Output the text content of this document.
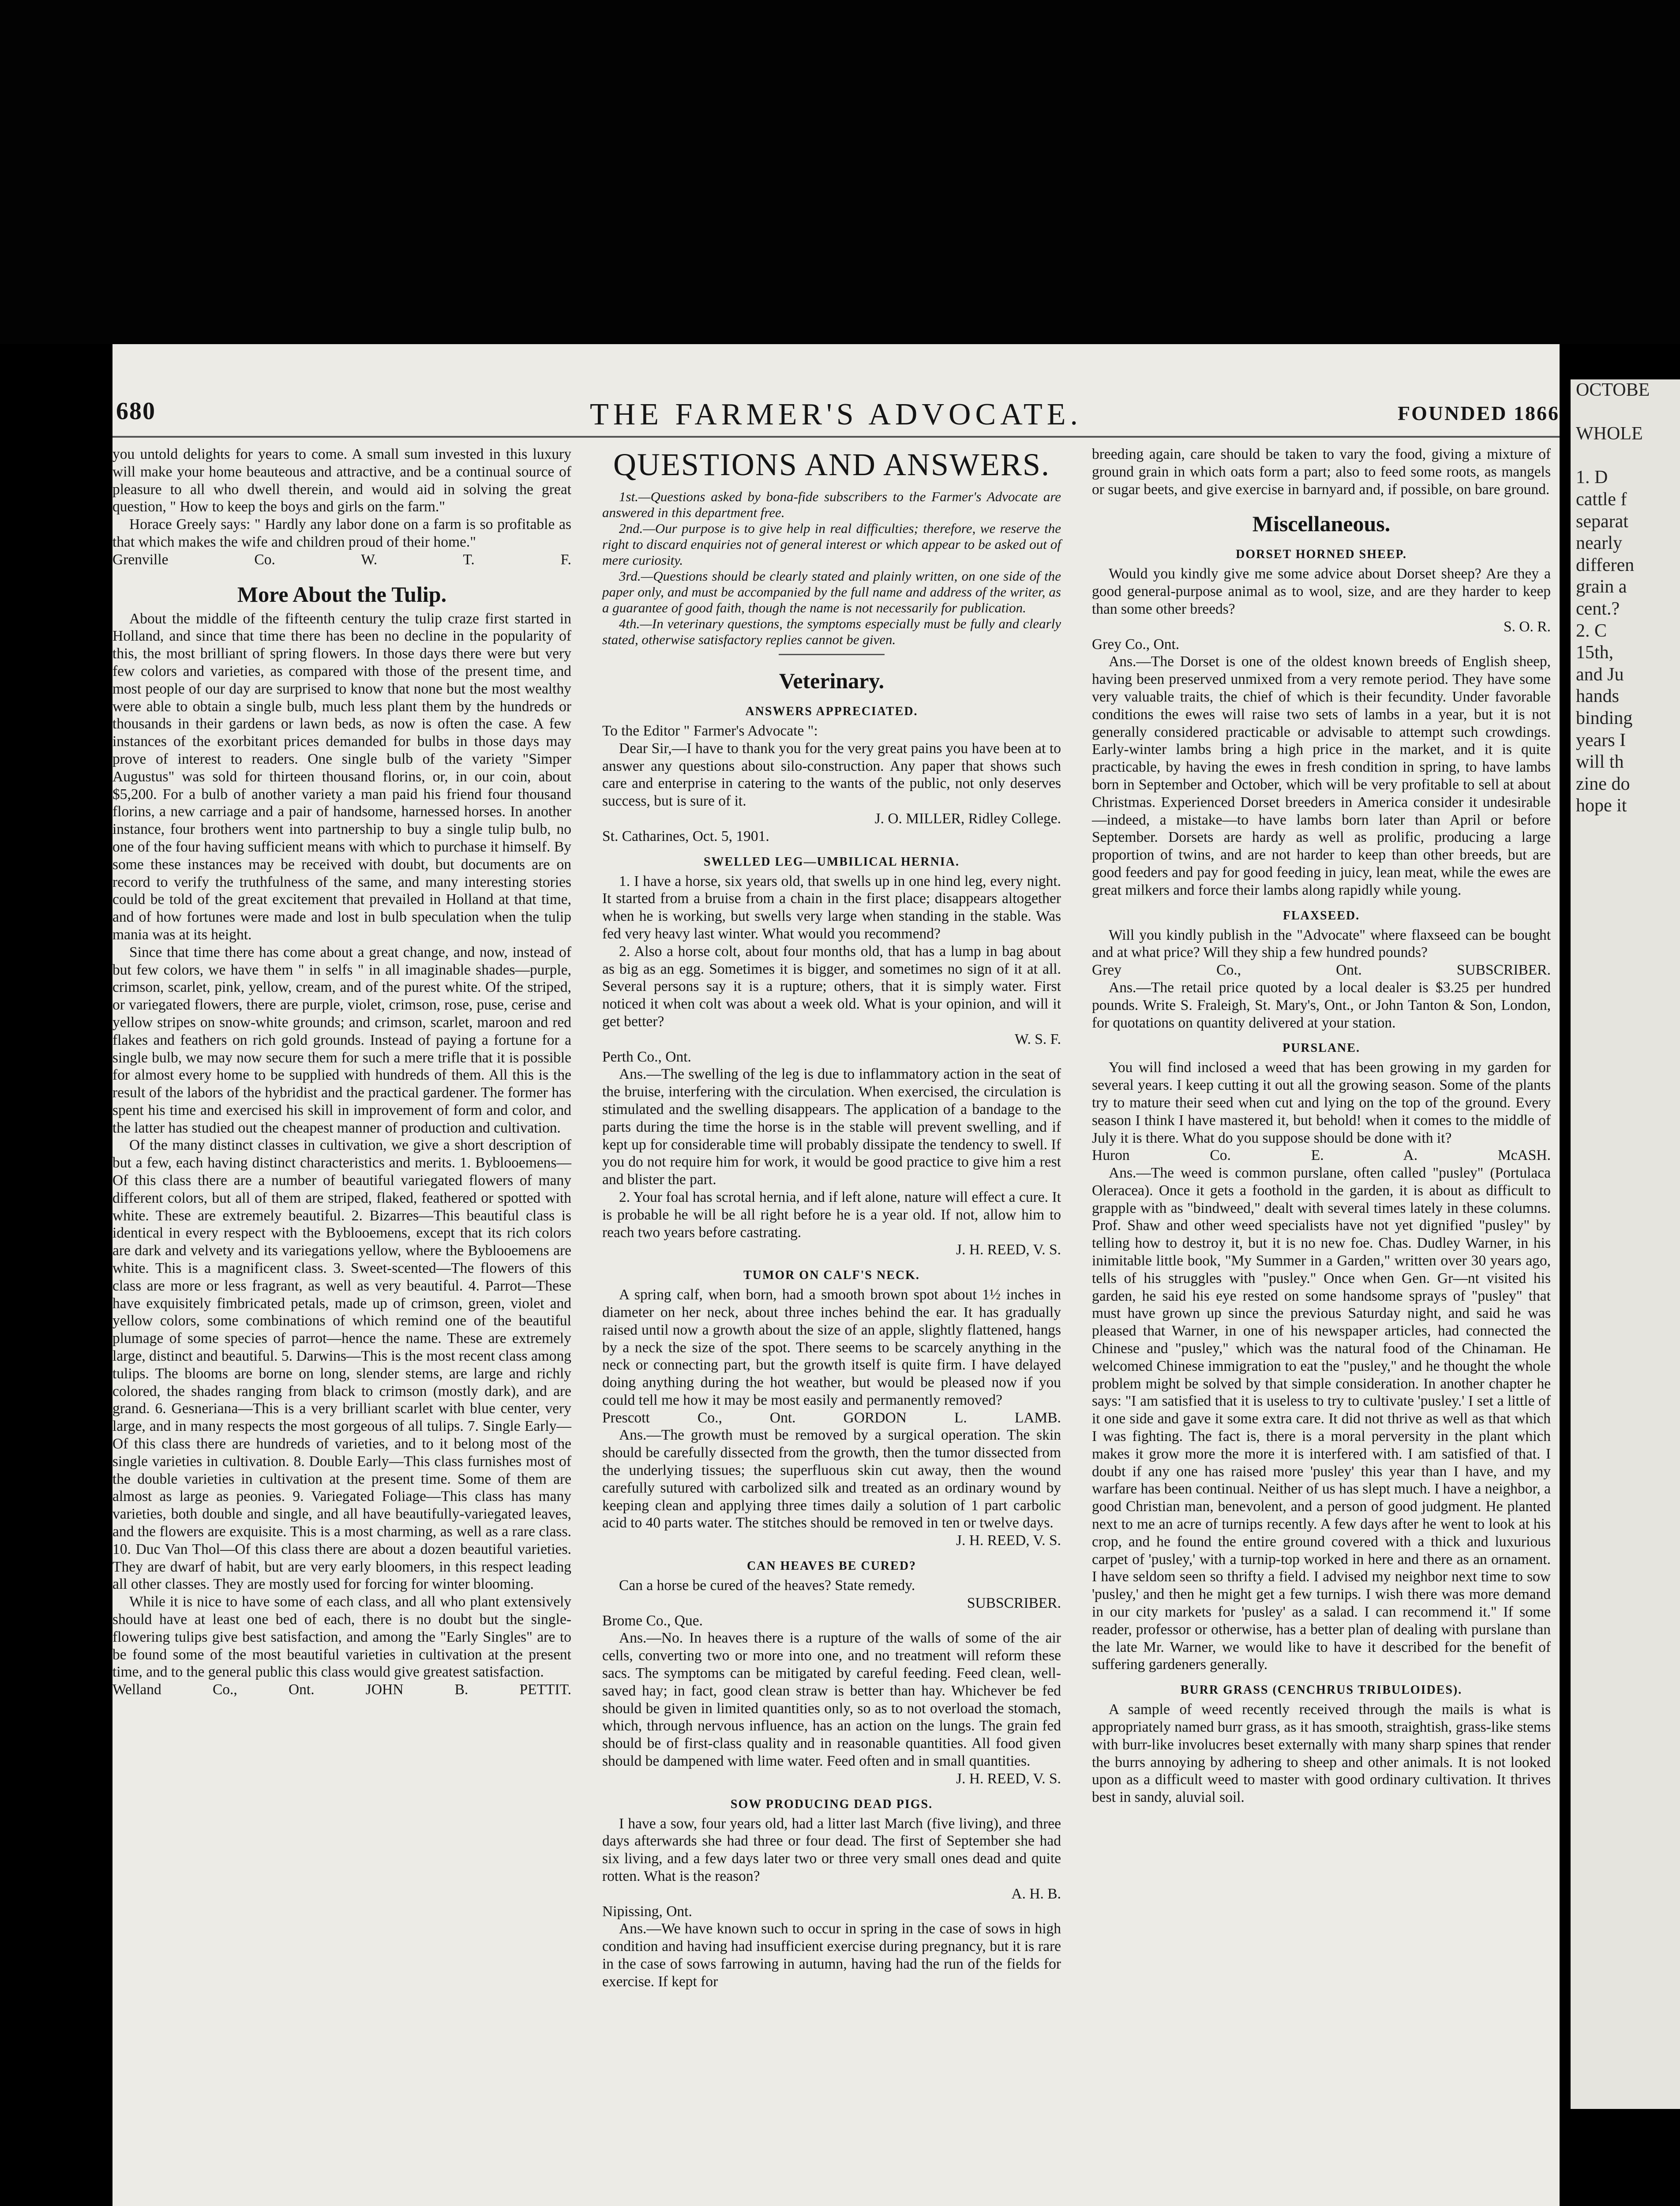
OCTOBE
WHOLE
1. D
cattle f
separat
nearly
differen
grain a
cent.?
2. C
15th,
and Ju
hands
binding
years I
will th
zine do
hope it
680	THE FARMER'S ADVOCATE.	FOUNDED 1866

you untold delights for years to come. A small sum invested in this luxury will make your home beauteous and attractive, and be a continual source of pleasure to all who dwell therein, and would aid in solving the great question, " How to keep the boys and girls on the farm."

Horace Greely says: " Hardly any labor done on a farm is so profitable as that which makes the wife and children proud of their home."

Grenville Co.	W. T. F.

More About the Tulip.

About the middle of the fifteenth century the tulip craze first started in Holland, and since that time there has been no decline in the popularity of this, the most brilliant of spring flowers. In those days there were but very few colors and varieties, as compared with those of the present time, and most people of our day are surprised to know that none but the most wealthy were able to obtain a single bulb, much less plant them by the hundreds or thousands in their gardens or lawn beds, as now is often the case. A few instances of the exorbitant prices demanded for bulbs in those days may prove of interest to readers. One single bulb of the variety "Simper Augustus" was sold for thirteen thousand florins, or, in our coin, about $5,200. For a bulb of another variety a man paid his friend four thousand florins, a new carriage and a pair of handsome, harnessed horses. In another instance, four brothers went into partnership to buy a single tulip bulb, no one of the four having sufficient means with which to purchase it himself. By some these instances may be received with doubt, but documents are on record to verify the truthfulness of the same, and many interesting stories could be told of the great excitement that prevailed in Holland at that time, and of how fortunes were made and lost in bulb speculation when the tulip mania was at its height.

Since that time there has come about a great change, and now, instead of but few colors, we have them " in selfs " in all imaginable shades—purple, crimson, scarlet, pink, yellow, cream, and of the purest white. Of the striped, or variegated flowers, there are purple, violet, crimson, rose, puse, cerise and yellow stripes on snow-white grounds; and crimson, scarlet, maroon and red flakes and feathers on rich gold grounds. Instead of paying a fortune for a single bulb, we may now secure them for such a mere trifle that it is possible for almost every home to be supplied with hundreds of them. All this is the result of the labors of the hybridist and the practical gardener. The former has spent his time and exercised his skill in improvement of form and color, and the latter has studied out the cheapest manner of production and cultivation.

Of the many distinct classes in cultivation, we give a short description of but a few, each having distinct characteristics and merits. 1. Byblooemens—Of this class there are a number of beautiful variegated flowers of many different colors, but all of them are striped, flaked, feathered or spotted with white. These are extremely beautiful. 2. Bizarres—This beautiful class is identical in every respect with the Byblooemens, except that its rich colors are dark and velvety and its variegations yellow, where the Byblooemens are white. This is a magnificent class. 3. Sweet-scented—The flowers of this class are more or less fragrant, as well as very beautiful. 4. Parrot—These have exquisitely fimbricated petals, made up of crimson, green, violet and yellow colors, some combinations of which remind one of the beautiful plumage of some species of parrot—hence the name. These are extremely large, distinct and beautiful. 5. Darwins—This is the most recent class among tulips. The blooms are borne on long, slender stems, are large and richly colored, the shades ranging from black to crimson (mostly dark), and are grand. 6. Gesneriana—This is a very brilliant scarlet with blue center, very large, and in many respects the most gorgeous of all tulips. 7. Single Early—Of this class there are hundreds of varieties, and to it belong most of the single varieties in cultivation. 8. Double Early—This class furnishes most of the double varieties in cultivation at the present time. Some of them are almost as large as peonies. 9. Variegated Foliage—This class has many varieties, both double and single, and all have beautifully-variegated leaves, and the flowers are exquisite. This is a most charming, as well as a rare class. 10. Duc Van Thol—Of this class there are about a dozen beautiful varieties. They are dwarf of habit, but are very early bloomers, in this respect leading all other classes. They are mostly used for forcing for winter blooming.

While it is nice to have some of each class, and all who plant extensively should have at least one bed of each, there is no doubt but the single-flowering tulips give best satisfaction, and among the "Early Singles" are to be found some of the most beautiful varieties in cultivation at the present time, and to the general public this class would give greatest satisfaction.

Welland Co., Ont.	JOHN B. PETTIT.

QUESTIONS AND ANSWERS.

1st.—Questions asked by bona-fide subscribers to the Farmer's Advocate are answered in this department free.

2nd.—Our purpose is to give help in real difficulties; therefore, we reserve the right to discard enquiries not of general interest or which appear to be asked out of mere curiosity.

3rd.—Questions should be clearly stated and plainly written, on one side of the paper only, and must be accompanied by the full name and address of the writer, as a guarantee of good faith, though the name is not necessarily for publication.

4th.—In veterinary questions, the symptoms especially must be fully and clearly stated, otherwise satisfactory replies cannot be given.

Veterinary.
ANSWERS APPRECIATED.

To the Editor " Farmer's Advocate ":

Dear Sir,—I have to thank you for the very great pains you have been at to answer any questions about silo-construction. Any paper that shows such care and enterprise in catering to the wants of the public, not only deserves success, but is sure of it.

J. O. MILLER, Ridley College.

St. Catharines, Oct. 5, 1901.

SWELLED LEG—UMBILICAL HERNIA.

1. I have a horse, six years old, that swells up in one hind leg, every night. It started from a bruise from a chain in the first place; disappears altogether when he is working, but swells very large when standing in the stable. Was fed very heavy last winter. What would you recommend?

2. Also a horse colt, about four months old, that has a lump in bag about as big as an egg. Sometimes it is bigger, and sometimes no sign of it at all. Several persons say it is a rupture; others, that it is simply water. First noticed it when colt was about a week old. What is your opinion, and will it get better?

W. S. F.

Perth Co., Ont.

Ans.—The swelling of the leg is due to inflammatory action in the seat of the bruise, interfering with the circulation. When exercised, the circulation is stimulated and the swelling disappears. The application of a bandage to the parts during the time the horse is in the stable will prevent swelling, and if kept up for considerable time will probably dissipate the tendency to swell. If you do not require him for work, it would be good practice to give him a rest and blister the part.

2. Your foal has scrotal hernia, and if left alone, nature will effect a cure. It is probable he will be all right before he is a year old. If not, allow him to reach two years before castrating.

J. H. REED, V. S.

TUMOR ON CALF'S NECK.

A spring calf, when born, had a smooth brown spot about 1½ inches in diameter on her neck, about three inches behind the ear. It has gradually raised until now a growth about the size of an apple, slightly flattened, hangs by a neck the size of the spot. There seems to be scarcely anything in the neck or connecting part, but the growth itself is quite firm. I have delayed doing anything during the hot weather, but would be pleased now if you could tell me how it may be most easily and permanently removed?

Prescott Co., Ont.	GORDON L. LAMB.

Ans.—The growth must be removed by a surgical operation. The skin should be carefully dissected from the growth, then the tumor dissected from the underlying tissues; the superfluous skin cut away, then the wound carefully sutured with carbolized silk and treated as an ordinary wound by keeping clean and applying three times daily a solution of 1 part carbolic acid to 40 parts water. The stitches should be removed in ten or twelve days.

J. H. REED, V. S.

CAN HEAVES BE CURED?

Can a horse be cured of the heaves? State remedy.

SUBSCRIBER.

Brome Co., Que.

Ans.—No. In heaves there is a rupture of the walls of some of the air cells, converting two or more into one, and no treatment will reform these sacs. The symptoms can be mitigated by careful feeding. Feed clean, well-saved hay; in fact, good clean straw is better than hay. Whichever be fed should be given in limited quantities only, so as to not overload the stomach, which, through nervous influence, has an action on the lungs. The grain fed should be of first-class quality and in reasonable quantities. All food given should be dampened with lime water. Feed often and in small quantities.

J. H. REED, V. S.

SOW PRODUCING DEAD PIGS.

I have a sow, four years old, had a litter last March (five living), and three days afterwards she had three or four dead. The first of September she had six living, and a few days later two or three very small ones dead and quite rotten. What is the reason?

A. H. B.

Nipissing, Ont.

Ans.—We have known such to occur in spring in the case of sows in high condition and having had insufficient exercise during pregnancy, but it is rare in the case of sows farrowing in autumn, having had the run of the fields for exercise. If kept for

breeding again, care should be taken to vary the food, giving a mixture of ground grain in which oats form a part; also to feed some roots, as mangels or sugar beets, and give exercise in barnyard and, if possible, on bare ground.

Miscellaneous.
DORSET HORNED SHEEP.

Would you kindly give me some advice about Dorset sheep? Are they a good general-purpose animal as to wool, size, and are they harder to keep than some other breeds?

S. O. R.

Grey Co., Ont.

Ans.—The Dorset is one of the oldest known breeds of English sheep, having been preserved unmixed from a very remote period. They have some very valuable traits, the chief of which is their fecundity. Under favorable conditions the ewes will raise two sets of lambs in a year, but it is not generally considered practicable or advisable to attempt such crowdings. Early-winter lambs bring a high price in the market, and it is quite practicable, by having the ewes in fresh condition in spring, to have lambs born in September and October, which will be very profitable to sell at about Christmas. Experienced Dorset breeders in America consider it undesirable—indeed, a mistake—to have lambs born later than April or before September. Dorsets are hardy as well as prolific, producing a large proportion of twins, and are not harder to keep than other breeds, but are good feeders and pay for good feeding in juicy, lean meat, while the ewes are great milkers and force their lambs along rapidly while young.

FLAXSEED.

Will you kindly publish in the "Advocate" where flaxseed can be bought and at what price? Will they ship a few hundred pounds?

Grey Co., Ont.	SUBSCRIBER.

Ans.—The retail price quoted by a local dealer is $3.25 per hundred pounds. Write S. Fraleigh, St. Mary's, Ont., or John Tanton & Son, London, for quotations on quantity delivered at your station.

PURSLANE.

You will find inclosed a weed that has been growing in my garden for several years. I keep cutting it out all the growing season. Some of the plants try to mature their seed when cut and lying on the top of the ground. Every season I think I have mastered it, but behold! when it comes to the middle of July it is there. What do you suppose should be done with it?

Huron Co.	E. A. McASH.

Ans.—The weed is common purslane, often called "pusley" (Portulaca Oleracea). Once it gets a foothold in the garden, it is about as difficult to grapple with as "bindweed," dealt with several times lately in these columns. Prof. Shaw and other weed specialists have not yet dignified "pusley" by telling how to destroy it, but it is no new foe. Chas. Dudley Warner, in his inimitable little book, "My Summer in a Garden," written over 30 years ago, tells of his struggles with "pusley." Once when Gen. Gr—nt visited his garden, he said his eye rested on some handsome sprays of "pusley" that must have grown up since the previous Saturday night, and said he was pleased that Warner, in one of his newspaper articles, had connected the Chinese and "pusley," which was the natural food of the Chinaman. He welcomed Chinese immigration to eat the "pusley," and he thought the whole problem might be solved by that simple consideration. In another chapter he says: "I am satisfied that it is useless to try to cultivate 'pusley.' I set a little of it one side and gave it some extra care. It did not thrive as well as that which I was fighting. The fact is, there is a moral perversity in the plant which makes it grow more the more it is interfered with. I am satisfied of that. I doubt if any one has raised more 'pusley' this year than I have, and my warfare has been continual. Neither of us has slept much. I have a neighbor, a good Christian man, benevolent, and a person of good judgment. He planted next to me an acre of turnips recently. A few days after he went to look at his crop, and he found the entire ground covered with a thick and luxurious carpet of 'pusley,' with a turnip-top worked in here and there as an ornament. I have seldom seen so thrifty a field. I advised my neighbor next time to sow 'pusley,' and then he might get a few turnips. I wish there was more demand in our city markets for 'pusley' as a salad. I can recommend it." If some reader, professor or otherwise, has a better plan of dealing with purslane than the late Mr. Warner, we would like to have it described for the benefit of suffering gardeners generally.

BURR GRASS (CENCHRUS TRIBULOIDES).

A sample of weed recently received through the mails is what is appropriately named burr grass, as it has smooth, straightish, grass-like stems with burr-like involucres beset externally with many sharp spines that render the burrs annoying by adhering to sheep and other animals. It is not looked upon as a difficult weed to master with good ordinary cultivation. It thrives best in sandy, aluvial soil.
